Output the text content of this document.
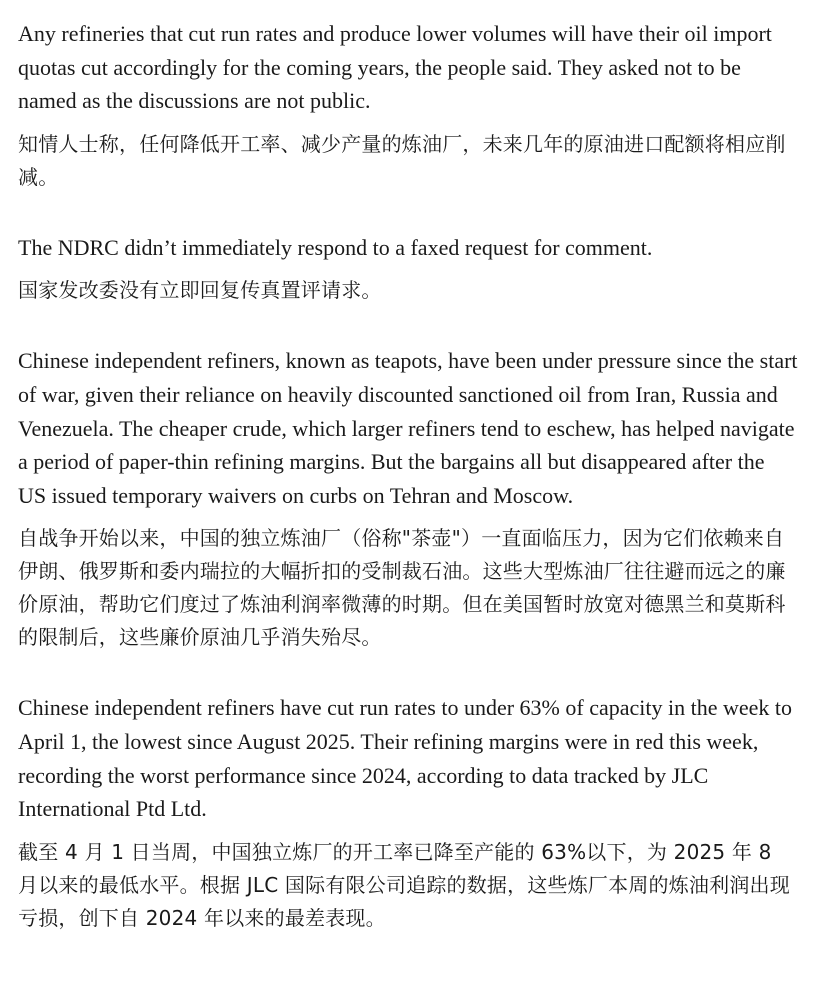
Any refineries that cut run rates and produce lower volumes will have their oil import quotas cut accordingly for the coming years, the people said. They asked not to be named as the discussions are not public.

知情人士称，任何降低开工率、减少产量的炼油厂，未来几年的原油进口配额将相应削减。

The NDRC didn’t immediately respond to a faxed request for comment.

国家发改委没有立即回复传真置评请求。

Chinese independent refiners, known as teapots, have been under pressure since the start of war, given their reliance on heavily discounted sanctioned oil from Iran, Russia and Venezuela. The cheaper crude, which larger refiners tend to eschew, has helped navigate a period of paper-thin refining margins. But the bargains all but disappeared after the US issued temporary waivers on curbs on Tehran and Moscow.

自战争开始以来，中国的独立炼油厂（俗称"茶壶"）一直面临压力，因为它们依赖来自伊朗、俄罗斯和委内瑞拉的大幅折扣的受制裁石油。这些大型炼油厂往往避而远之的廉价原油，帮助它们度过了炼油利润率微薄的时期。但在美国暂时放宽对德黑兰和莫斯科的限制后，这些廉价原油几乎消失殆尽。

Chinese independent refiners have cut run rates to under 63% of capacity in the week to April 1, the lowest since August 2025. Their refining margins were in red this week, recording the worst performance since 2024, according to data tracked by JLC International Ptd Ltd.

截至 4 月 1 日当周，中国独立炼厂的开工率已降至产能的 63%以下，为 2025 年 8 月以来的最低水平。根据 JLC 国际有限公司追踪的数据，这些炼厂本周的炼油利润出现亏损，创下自 2024 年以来的最差表现。
